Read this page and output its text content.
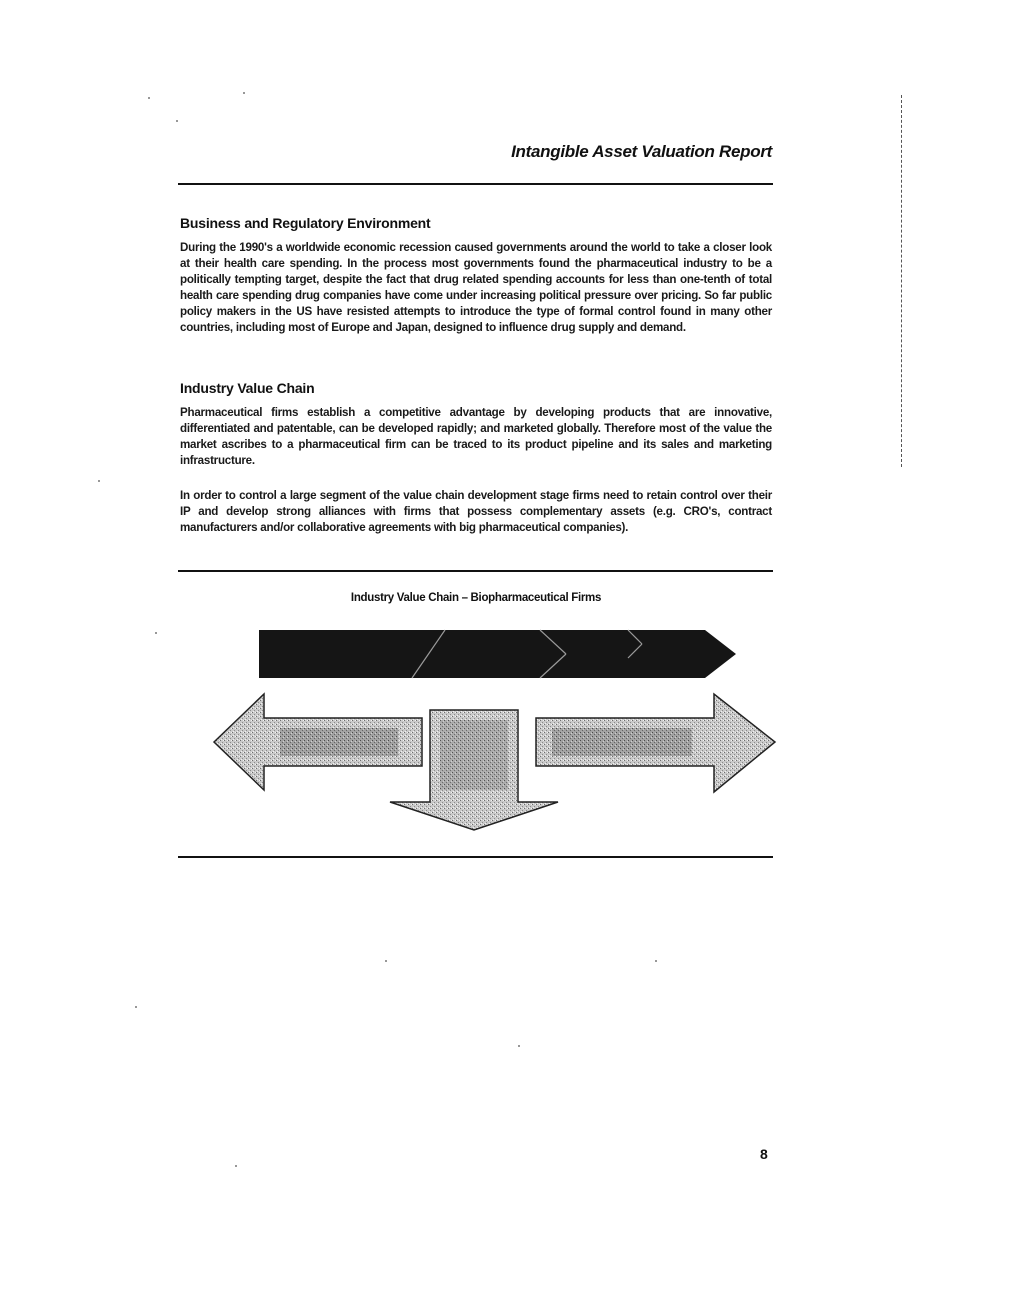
Intangible Asset Valuation Report
Business and Regulatory Environment
During the 1990's a worldwide economic recession caused governments around the world to take a closer look at their health care spending. In the process most governments found the pharmaceutical industry to be a politically tempting target, despite the fact that drug related spending accounts for less than one-tenth of total health care spending drug companies have come under increasing political pressure over pricing. So far public policy makers in the US have resisted attempts to introduce the type of formal control found in many other countries, including most of Europe and Japan, designed to influence drug supply and demand.
Industry Value Chain
Pharmaceutical firms establish a competitive advantage by developing products that are innovative, differentiated and patentable, can be developed rapidly; and marketed globally. Therefore most of the value the market ascribes to a pharmaceutical firm can be traced to its product pipeline and its sales and marketing infrastructure.
In order to control a large segment of the value chain development stage firms need to retain control over their IP and develop strong alliances with firms that possess complementary assets (e.g. CRO's, contract manufacturers and/or collaborative agreements with big pharmaceutical companies).
Industry Value Chain – Biopharmaceutical Firms
8
